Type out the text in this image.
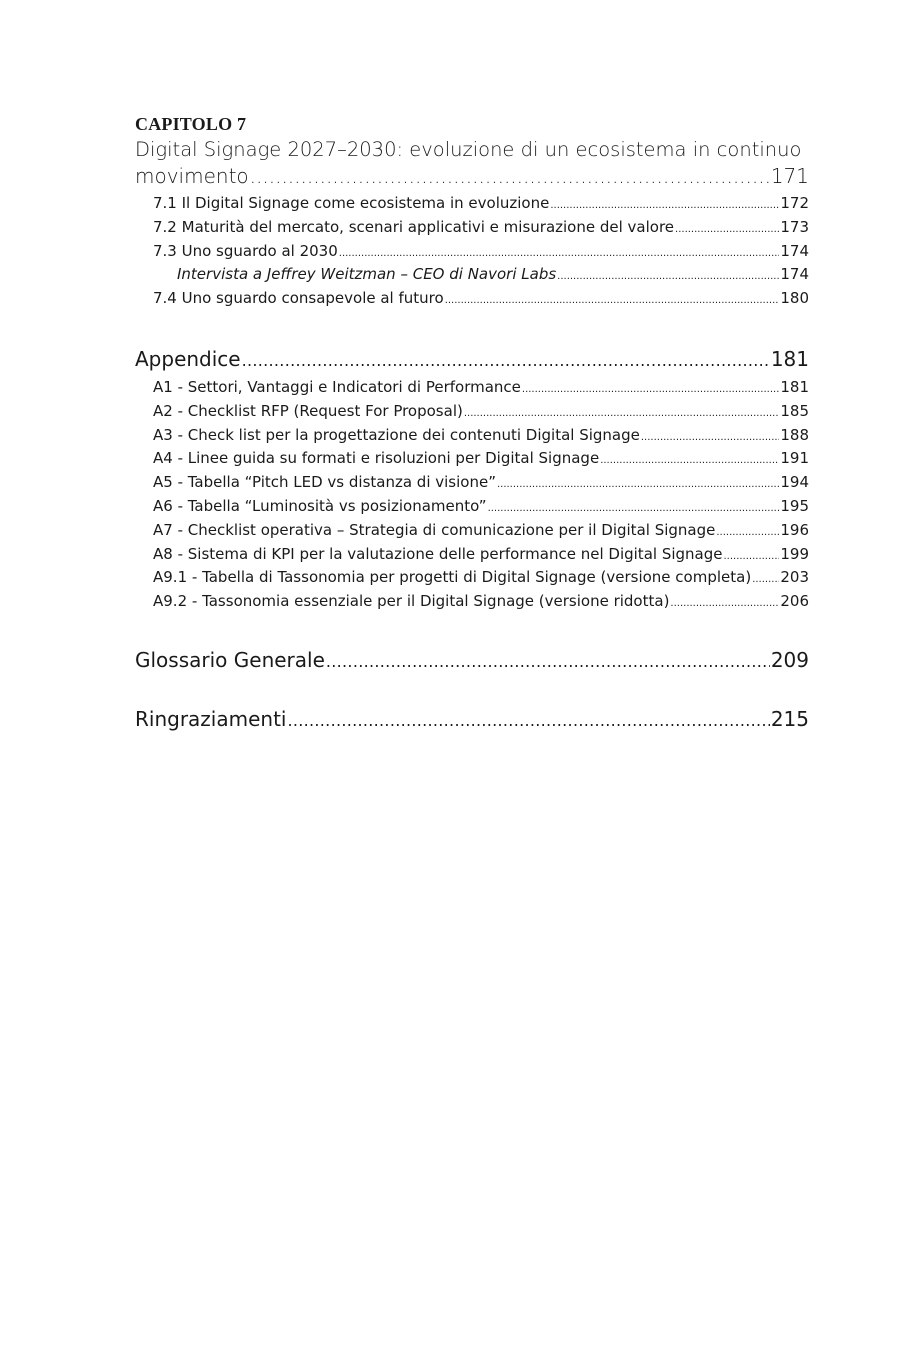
CAPITOLO 7
Digital Signage 2027–2030: evoluzione di un ecosistema in continuo
movimento .....	171
7.1 Il Digital Signage come ecosistema in evoluzione .....	172
7.2 Maturità del mercato, scenari applicativi e misurazione del valore .....	173
7.3 Uno sguardo al 2030 .....	174
Intervista a Jeffrey Weitzman – CEO di Navori Labs .....	174
7.4 Uno sguardo consapevole al futuro .....	180
Appendice .....	181
A1 - Settori, Vantaggi e Indicatori di Performance .....	181
A2 - Checklist RFP (Request For Proposal) .....	185
A3 - Check list per la progettazione dei contenuti Digital Signage .....	188
A4 - Linee guida su formati e risoluzioni per Digital Signage .....	191
A5 - Tabella “Pitch LED vs distanza di visione” .....	194
A6 - Tabella “Luminosità vs posizionamento” .....	195
A7 - Checklist operativa – Strategia di comunicazione per il Digital Signage .....	196
A8 - Sistema di KPI per la valutazione delle performance nel Digital Signage .....	199
A9.1 - Tabella di Tassonomia per progetti di Digital Signage (versione completa) ..... 203
A9.2 - Tassonomia essenziale per il Digital Signage (versione ridotta) .....	206
Glossario Generale .....	209
Ringraziamenti .....	215
